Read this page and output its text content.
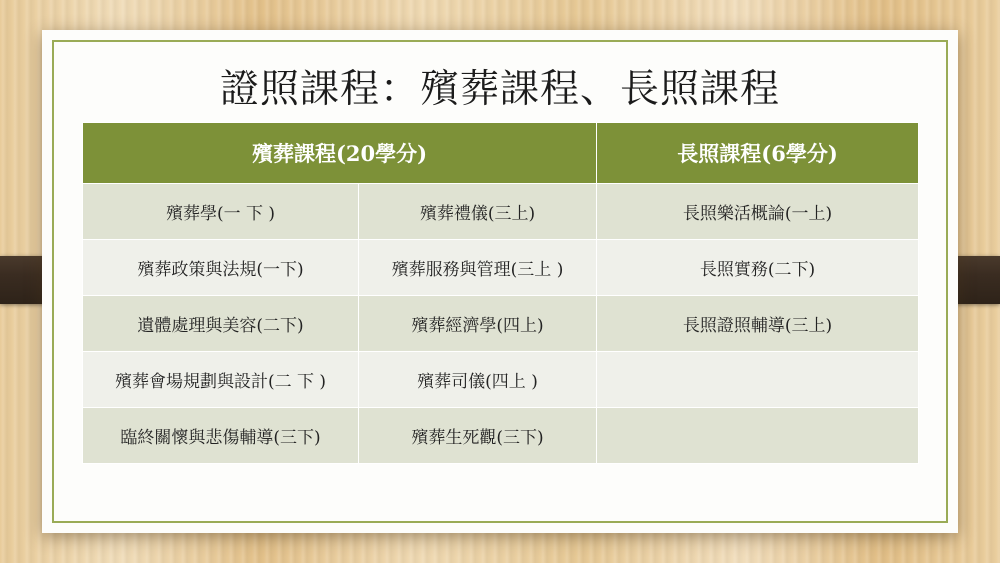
證照課程：殯葬課程、長照課程
殯葬課程(20學分)		長照課程(6學分)
殯葬學(一 下 )	殯葬禮儀(三上)	長照樂活概論(一上)
殯葬政策與法規(一下)	殯葬服務與管理(三上 )	長照實務(二下)
遺體處理與美容(二下)	殯葬經濟學(四上)	長照證照輔導(三上)
殯葬會場規劃與設計(二 下 )	殯葬司儀(四上 )	
臨終關懷與悲傷輔導(三下)	殯葬生死觀(三下)	
